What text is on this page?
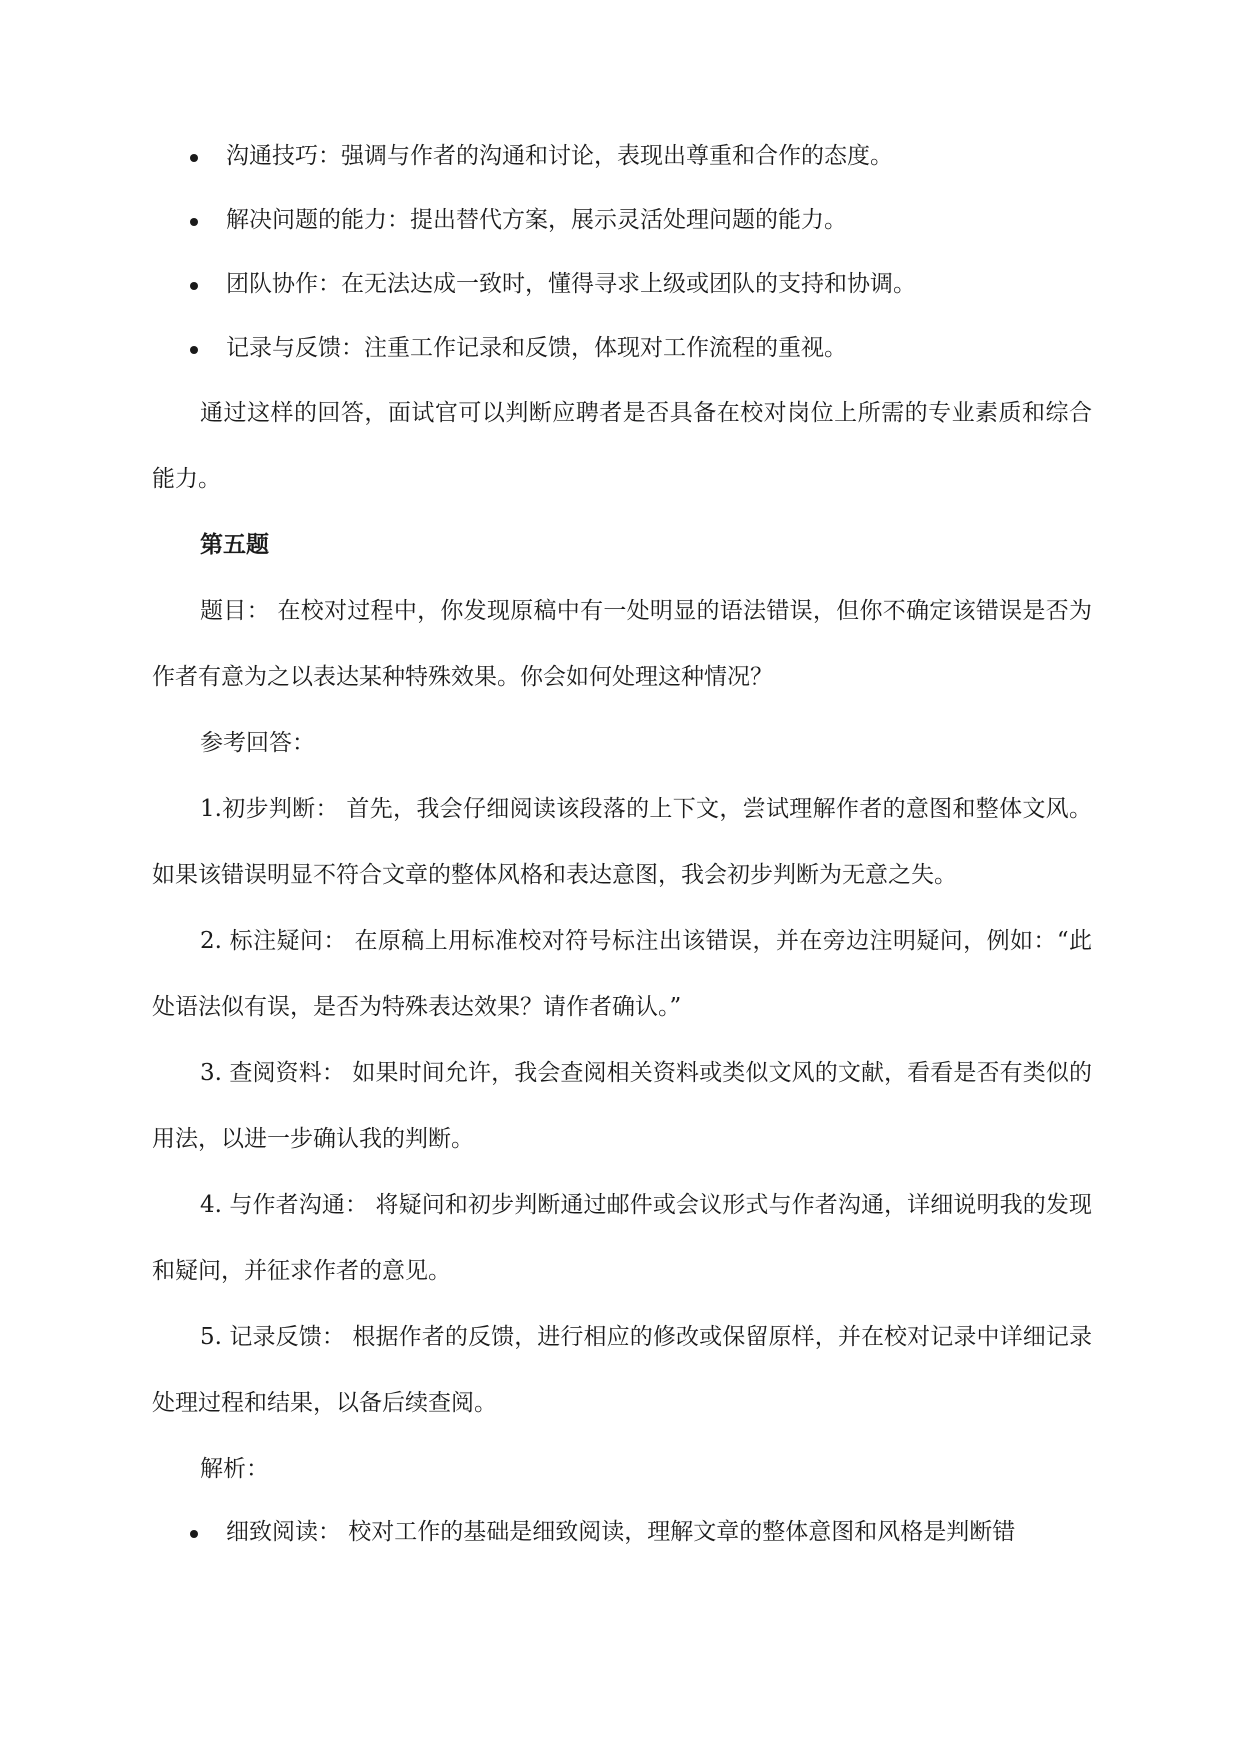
沟通技巧：强调与作者的沟通和讨论，表现出尊重和合作的态度。
解决问题的能力：提出替代方案，展示灵活处理问题的能力。
团队协作：在无法达成一致时，懂得寻求上级或团队的支持和协调。
记录与反馈：注重工作记录和反馈，体现对工作流程的重视。

通过这样的回答，面试官可以判断应聘者是否具备在校对岗位上所需的专业素质和综合能力。

第五题

题目： 在校对过程中，你发现原稿中有一处明显的语法错误，但你不确定该错误是否为作者有意为之以表达某种特殊效果。你会如何处理这种情况？

参考回答：

1.初步判断： 首先，我会仔细阅读该段落的上下文，尝试理解作者的意图和整体文风。如果该错误明显不符合文章的整体风格和表达意图，我会初步判断为无意之失。

2. 标注疑问： 在原稿上用标准校对符号标注出该错误，并在旁边注明疑问，例如：“此处语法似有误，是否为特殊表达效果？请作者确认。”

3. 查阅资料： 如果时间允许，我会查阅相关资料或类似文风的文献，看看是否有类似的用法，以进一步确认我的判断。

4. 与作者沟通： 将疑问和初步判断通过邮件或会议形式与作者沟通，详细说明我的发现和疑问，并征求作者的意见。

5. 记录反馈： 根据作者的反馈，进行相应的修改或保留原样，并在校对记录中详细记录处理过程和结果，以备后续查阅。

解析：

细致阅读： 校对工作的基础是细致阅读，理解文章的整体意图和风格是判断错
